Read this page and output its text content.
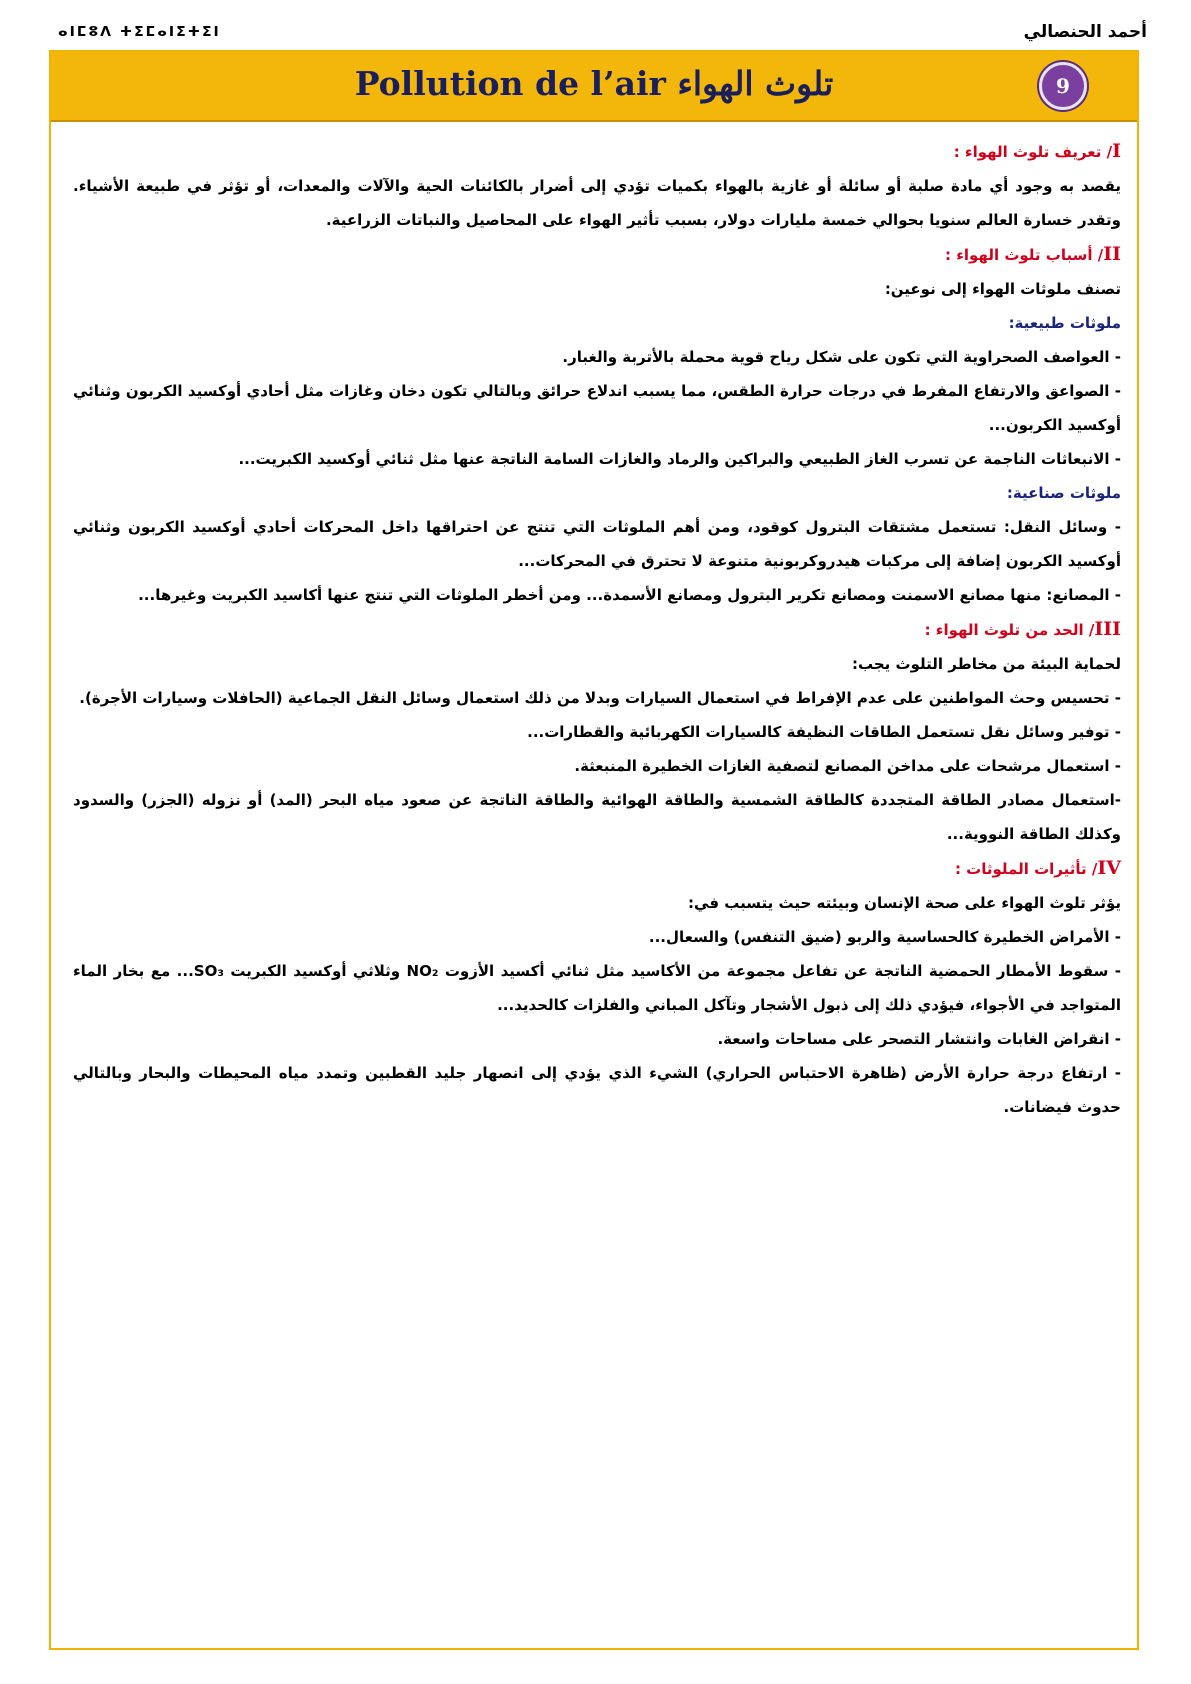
أحمد الحنصالي
ⴰⵏⵎⵓⴷ ⵜⵉⵎⴰⵏⵉⵜⵉⵏ
Pollution de l’air تلوث الهواء	9

I/ تعريف تلوث الهواء :

يقصد به وجود أي مادة صلبة أو سائلة أو غازية بالهواء بكميات تؤدي إلى أضرار بالكائنات الحية والآلات والمعدات، أو تؤثر في طبيعة الأشياء. وتقدر خسارة العالم سنويا بحوالي خمسة مليارات دولار، بسبب تأثير الهواء على المحاصيل والنباتات الزراعية.

II/ أسباب تلوث الهواء :

تصنف ملوثات الهواء إلى نوعين:

ملوثات طبيعية:

- العواصف الصحراوية التي تكون على شكل رياح قوية محملة بالأتربة والغبار.

- الصواعق والارتفاع المفرط في درجات حرارة الطقس، مما يسبب اندلاع حرائق وبالتالي تكون دخان وغازات مثل أحادي أوكسيد الكربون وثنائي أوكسيد الكربون...

- الانبعاثات الناجمة عن تسرب الغاز الطبيعي والبراكين والرماد والغازات السامة الناتجة عنها مثل ثنائي أوكسيد الكبريت...

ملوثات صناعية:

- وسائل النقل: تستعمل مشتقات البترول كوقود، ومن أهم الملوثات التي تنتج عن احتراقها داخل المحركات أحادي أوكسيد الكربون وثنائي أوكسيد الكربون إضافة إلى مركبات هيدروكربونية متنوعة لا تحترق في المحركات...

- المصانع: منها مصانع الاسمنت ومصانع تكرير البترول ومصانع الأسمدة... ومن أخطر الملوثات التي تنتج عنها أكاسيد الكبريت وغيرها...

III/ الحد من تلوث الهواء :

لحماية البيئة من مخاطر التلوث يجب:

- تحسيس وحث المواطنين على عدم الإفراط في استعمال السيارات وبدلا من ذلك استعمال وسائل النقل الجماعية (الحافلات وسيارات الأجرة).

- توفير وسائل نقل تستعمل الطاقات النظيفة كالسيارات الكهربائية والقطارات...

- استعمال مرشحات على مداخن المصانع لتصفية الغازات الخطيرة المنبعثة.

-استعمال مصادر الطاقة المتجددة كالطاقة الشمسية والطاقة الهوائية والطاقة الناتجة عن صعود مياه البحر (المد) أو نزوله (الجزر) والسدود وكذلك الطاقة النووية...

IV/ تأثيرات الملوثات :

يؤثر تلوث الهواء على صحة الإنسان وبيئته حيث يتسبب في:

- الأمراض الخطيرة كالحساسية والربو (ضيق التنفس) والسعال...

- سقوط الأمطار الحمضية الناتجة عن تفاعل مجموعة من الأكاسيد مثل ثنائي أكسيد الأزوت NO₂ وثلاثي أوكسيد الكبريت SO₃... مع بخار الماء المتواجد في الأجواء، فيؤدي ذلك إلى ذبول الأشجار وتآكل المباني والفلزات كالحديد...

- انقراض الغابات وانتشار التصحر على مساحات واسعة.

- ارتفاع درجة حرارة الأرض (ظاهرة الاحتباس الحراري) الشيء الذي يؤدي إلى انصهار جليد القطبين وتمدد مياه المحيطات والبحار وبالتالي حدوث فيضانات.
